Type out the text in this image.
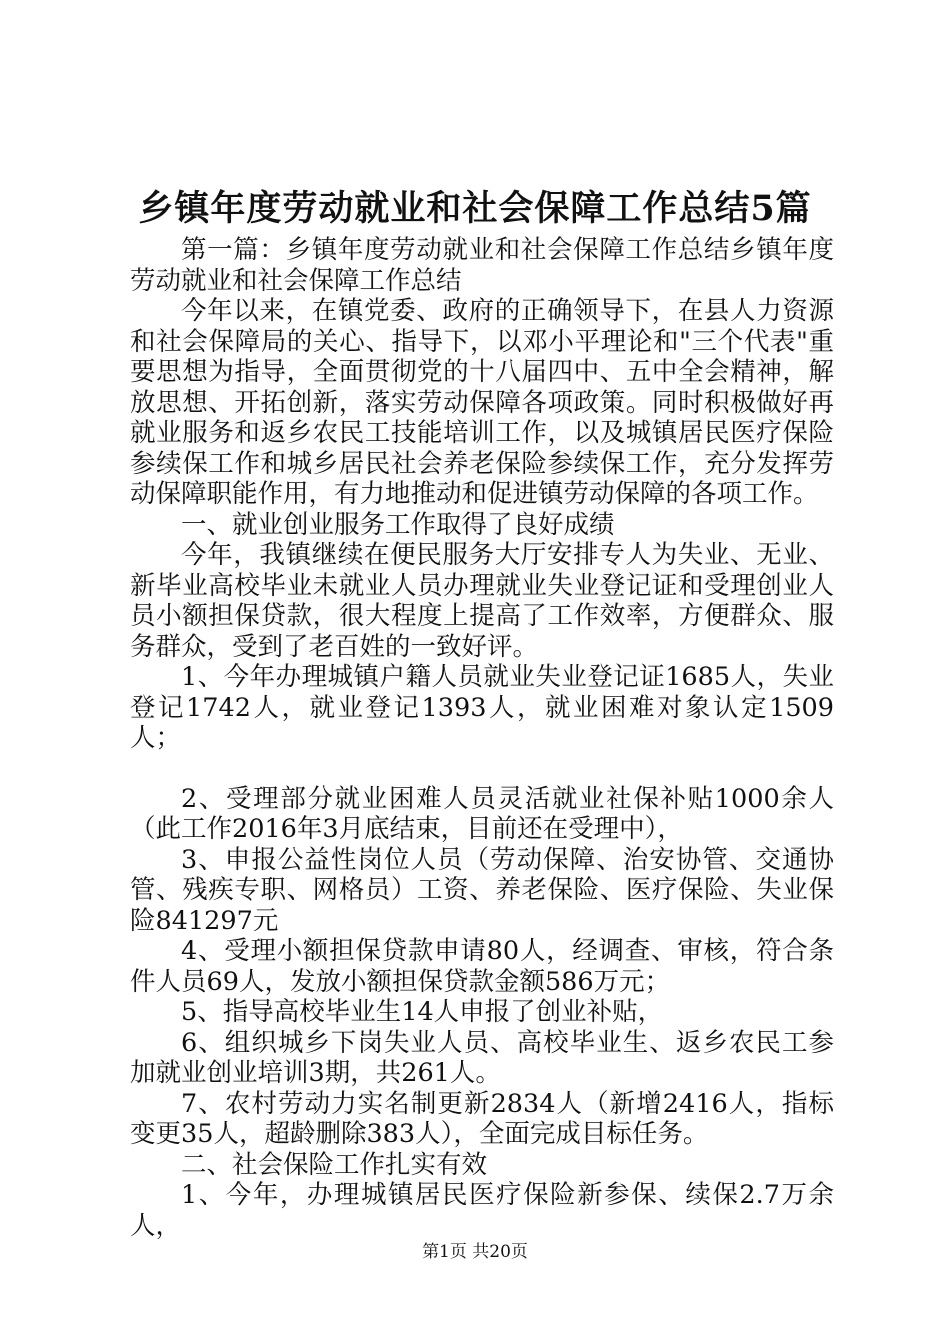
乡镇年度劳动就业和社会保障工作总结5篇

第一篇：乡镇年度劳动就业和社会保障工作总结乡镇年度劳动就业和社会保障工作总结

今年以来，在镇党委、政府的正确领导下，在县人力资源和社会保障局的关心、指导下，以邓小平理论和"三个代表"重要思想为指导，全面贯彻党的十八届四中、五中全会精神，解放思想、开拓创新，落实劳动保障各项政策。同时积极做好再就业服务和返乡农民工技能培训工作，以及城镇居民医疗保险参续保工作和城乡居民社会养老保险参续保工作，充分发挥劳动保障职能作用，有力地推动和促进镇劳动保障的各项工作。

一、就业创业服务工作取得了良好成绩

今年，我镇继续在便民服务大厅安排专人为失业、无业、新毕业高校毕业未就业人员办理就业失业登记证和受理创业人员小额担保贷款，很大程度上提高了工作效率，方便群众、服务群众，受到了老百姓的一致好评。

1、今年办理城镇户籍人员就业失业登记证1685人，失业登记1742人，就业登记1393人，就业困难对象认定1509人；

2、受理部分就业困难人员灵活就业社保补贴1000余人（此工作2016年3月底结束，目前还在受理中），

3、申报公益性岗位人员（劳动保障、治安协管、交通协管、残疾专职、网格员）工资、养老保险、医疗保险、失业保险841297元

4、受理小额担保贷款申请80人，经调查、审核，符合条件人员69人，发放小额担保贷款金额586万元；

5、指导高校毕业生14人申报了创业补贴，

6、组织城乡下岗失业人员、高校毕业生、返乡农民工参加就业创业培训3期，共261人。

7、农村劳动力实名制更新2834人（新增2416人，指标变更35人，超龄删除383人），全面完成目标任务。

二、社会保险工作扎实有效

1、今年，办理城镇居民医疗保险新参保、续保2.7万余人，

第1页 共20页
